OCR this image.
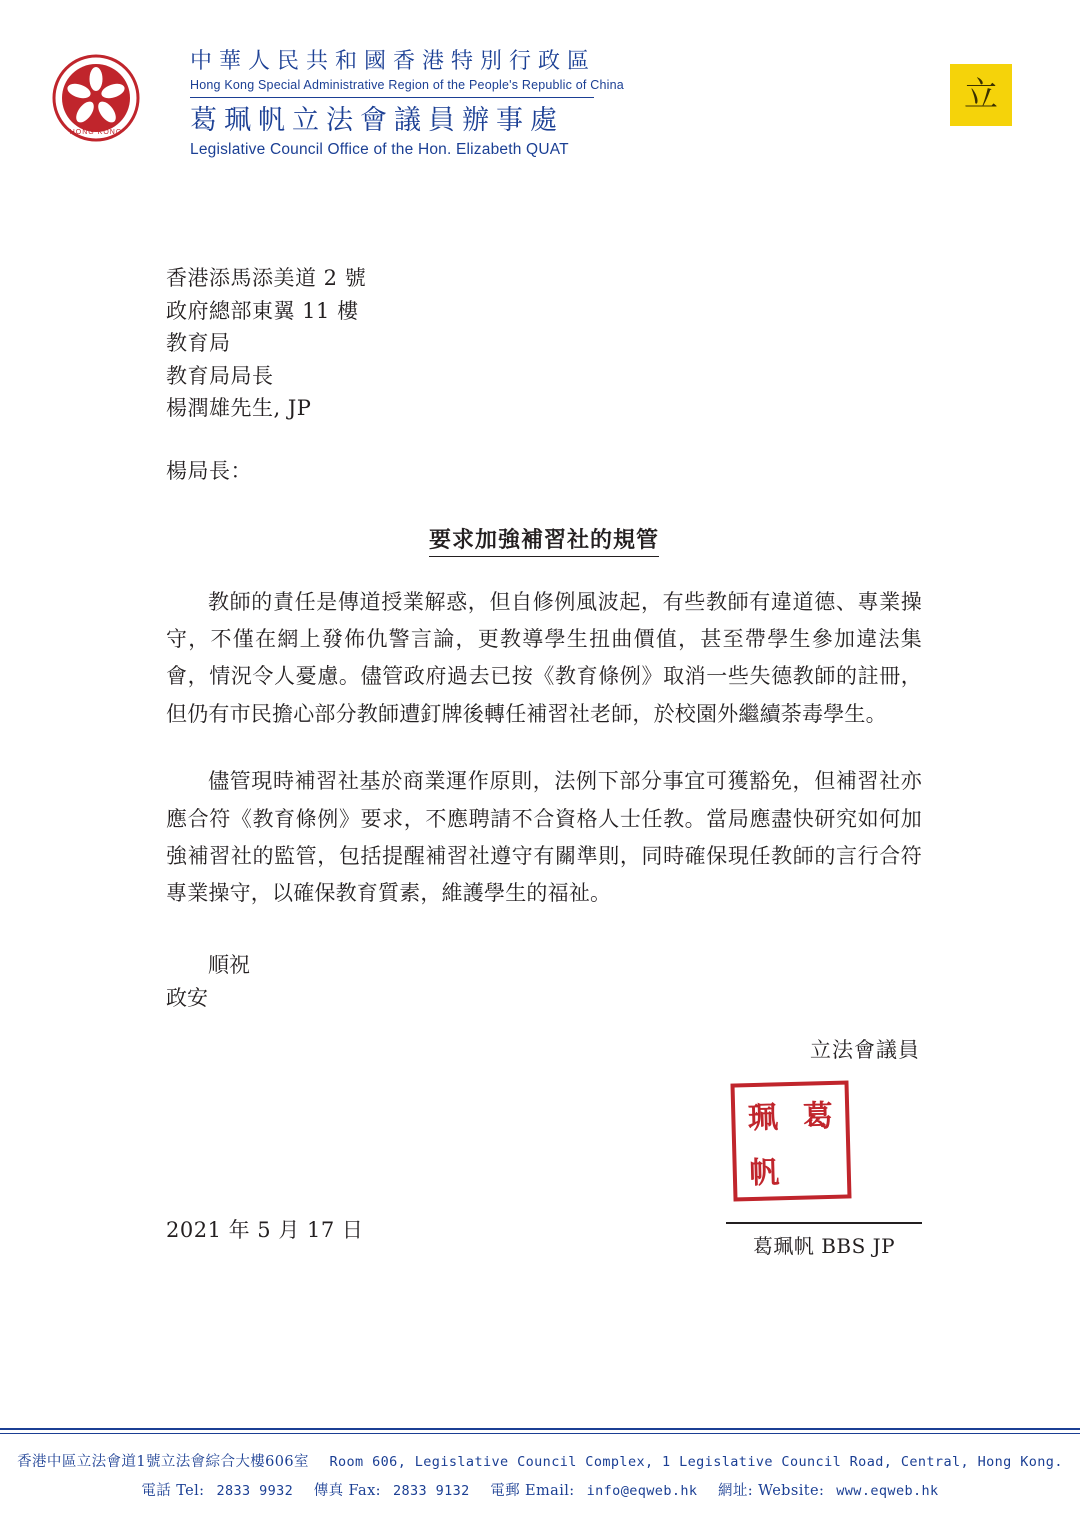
HONG KONG
中華人民共和國香港特別行政區
Hong Kong Special Administrative Region of the People's Republic of China
葛珮帆立法會議員辦事處
Legislative Council Office of the Hon. Elizabeth QUAT
立
香港添馬添美道 2 號
政府總部東翼 11 樓
教育局
教育局局長
楊潤雄先生, JP
楊局長：
要求加強補習社的規管
教師的責任是傳道授業解惑，但自修例風波起，有些教師有違道德、專業操守，不僅在網上發佈仇警言論，更教導學生扭曲價值，甚至帶學生參加違法集會，情況令人憂慮。儘管政府過去已按《教育條例》取消一些失德教師的註冊，但仍有市民擔心部分教師遭釘牌後轉任補習社老師，於校園外繼續荼毒學生。
儘管現時補習社基於商業運作原則，法例下部分事宜可獲豁免，但補習社亦應合符《教育條例》要求，不應聘請不合資格人士任教。當局應盡快研究如何加強補習社的監管，包括提醒補習社遵守有關準則，同時確保現任教師的言行合符專業操守，以確保教育質素，維護學生的福祉。
順祝
政安
立法會議員
葛
珮
帆

葛珮帆 BBS JP
2021 年 5 月 17 日
香港中區立法會道1號立法會綜合大樓606室 Room 606, Legislative Council Complex, 1 Legislative Council Road, Central, Hong Kong.
電話 Tel: 2833 9932 傳真 Fax: 2833 9132 電郵 Email: info@eqweb.hk 網址: Website: www.eqweb.hk
